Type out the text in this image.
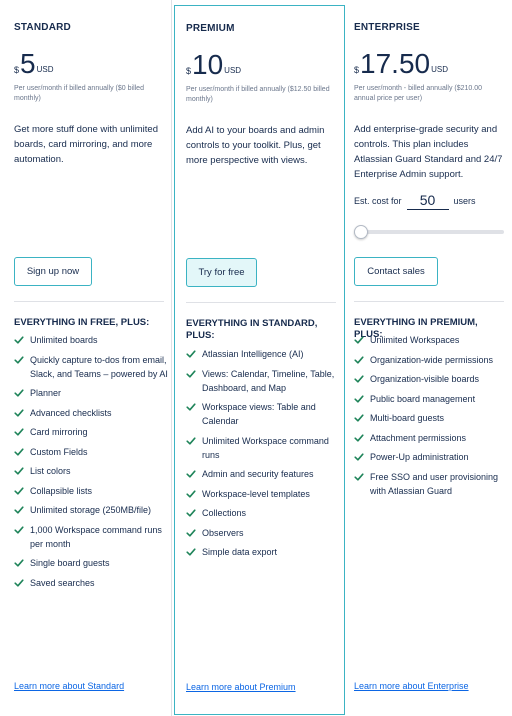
STANDARD
$ 5 USD
Per user/month if billed annually ($0 billed monthly)
Get more stuff done with unlimited boards, card mirroring, and more automation.
Sign up now
EVERYTHING IN FREE, PLUS:
Unlimited boards
Quickly capture to-dos from email, Slack, and Teams – powered by AI
Planner
Advanced checklists
Card mirroring
Custom Fields
List colors
Collapsible lists
Unlimited storage (250MB/file)
1,000 Workspace command runs per month
Single board guests
Saved searches
Learn more about Standard
PREMIUM
$ 10 USD
Per user/month if billed annually ($12.50 billed monthly)
Add AI to your boards and admin controls to your toolkit. Plus, get more perspective with views.
Try for free
EVERYTHING IN STANDARD, PLUS:
Atlassian Intelligence (AI)
Views: Calendar, Timeline, Table, Dashboard, and Map
Workspace views: Table and Calendar
Unlimited Workspace command runs
Admin and security features
Workspace-level templates
Collections
Observers
Simple data export
Learn more about Premium
ENTERPRISE
$ 17.50 USD
Per user/month - billed annually ($210.00 annual price per user)
Add enterprise-grade security and controls. This plan includes Atlassian Guard Standard and 24/7 Enterprise Admin support.
Est. cost for	50	users
Contact sales
EVERYTHING IN PREMIUM, PLUS:
Unlimited Workspaces
Organization-wide permissions
Organization-visible boards
Public board management
Multi-board guests
Attachment permissions
Power-Up administration
Free SSO and user provisioning with Atlassian Guard
Learn more about Enterprise
